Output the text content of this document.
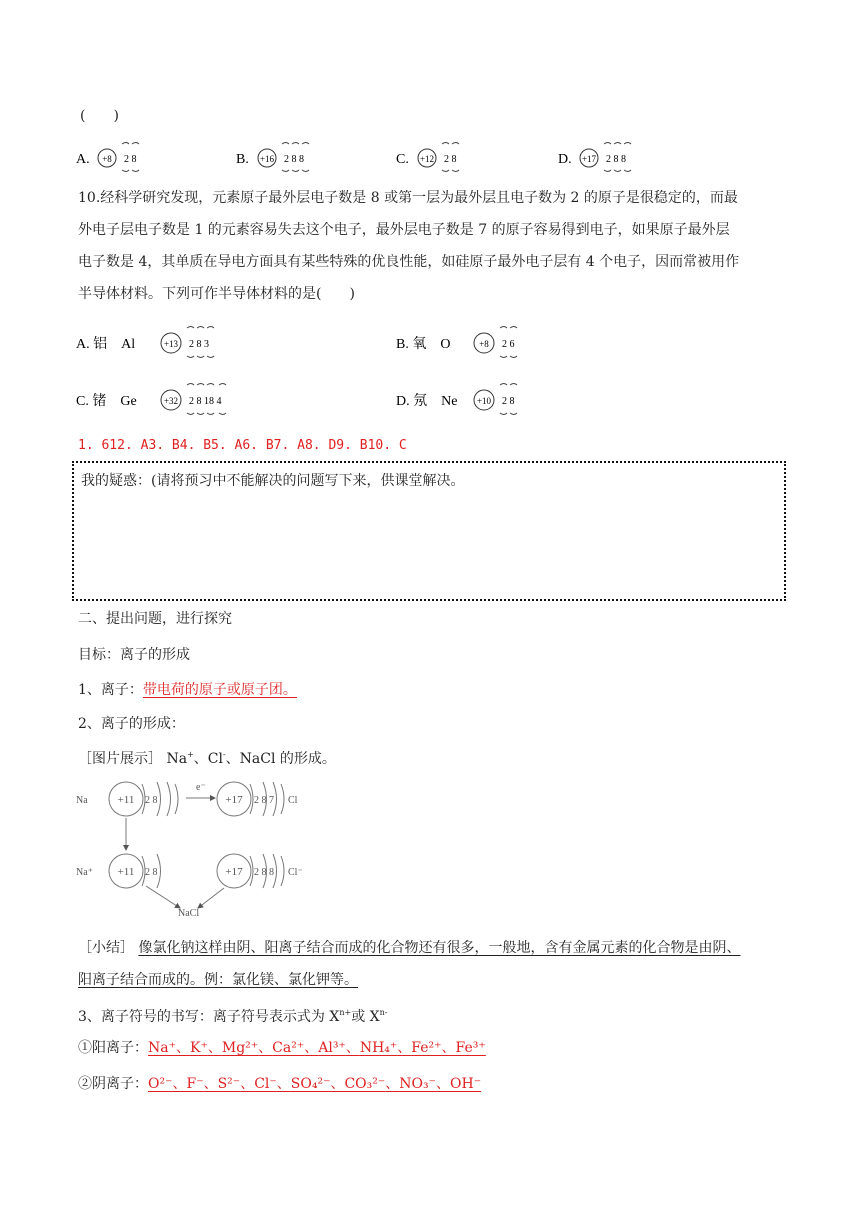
(　　)
A. +8 2 8	B. +16 2 8 8	C. +12 2 8	D. +17 2 8 8
10.经科学研究发现，元素原子最外层电子数是 8 或第一层为最外层且电子数为 2 的原子是很稳定的，而最
外电子层电子数是 1 的元素容易失去这个电子，最外层电子数是 7 的原子容易得到电子，如果原子最外层
电子数是 4，其单质在导电方面具有某些特殊的优良性能，如硅原子最外电子层有 4 个电子，因而常被用作
半导体材料。下列可作半导体材料的是(　　)
A. 铝　Al	+13 2 8 3	B. 氧　O	+8 2 6
C. 锗　Ge	+32 2 8 18 4	D. 氖　Ne +10 2 8
1. 612. A3. B4. B5. A6. B7. A8. D9. B10. C
我的疑惑：(请将预习中不能解决的问题写下来，供课堂解决。
二、提出问题，进行探究
目标：离子的形成
1、离子：带电荷的原子或原子团。
2、离子的形成：
［图片展示］ Na+、Cl-、NaCl 的形成。
Na	+11 2 8
e⁻
+17 2 8 7 Cl
Na⁺ +11 2 8	+17 2 8 8 Cl⁻
NaCl
［小结］ 像氯化钠这样由阴、阳离子结合而成的化合物还有很多，一般地，含有金属元素的化合物是由阴、
阳离子结合而成的。例：氯化镁、氯化钾等。
3、离子符号的书写：离子符号表示式为 $X^{n+}$或 $X^{n-}$
①阳离子：Na⁺、K⁺、Mg²⁺、Ca²⁺、Al³⁺、NH₄⁺、Fe²⁺、Fe³⁺
②阴离子：O²⁻、F⁻、S²⁻、Cl⁻、SO₄²⁻、CO₃²⁻、NO₃⁻、OH⁻
